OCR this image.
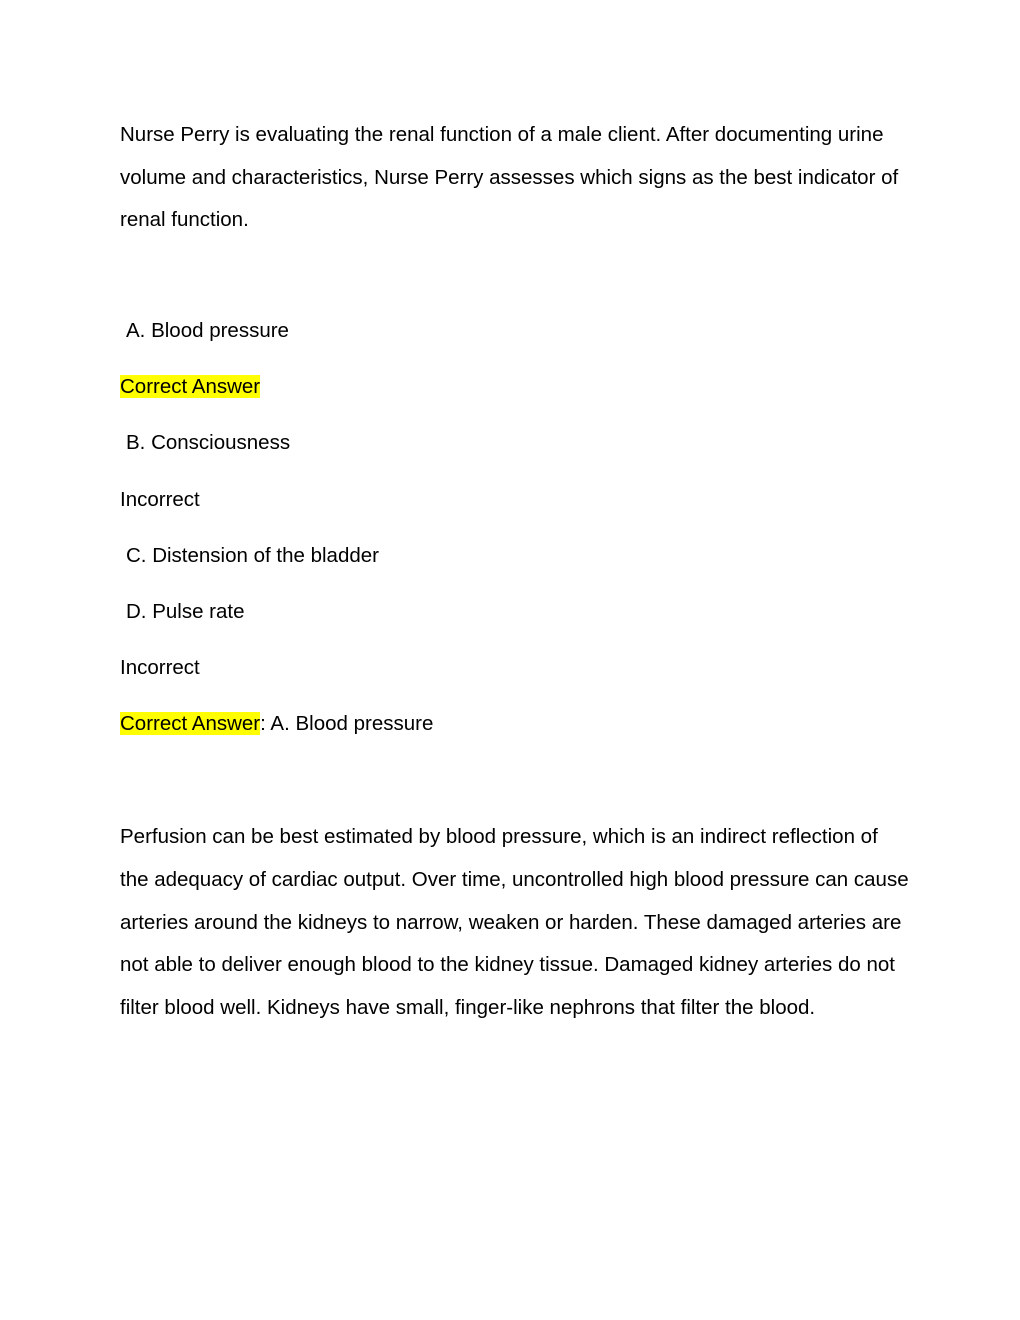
Nurse Perry is evaluating the renal function of a male client. After documenting urine volume and characteristics, Nurse Perry assesses which signs as the best indicator of renal function.

A. Blood pressure

Correct Answer

B. Consciousness

Incorrect

C. Distension of the bladder

D. Pulse rate

Incorrect

Correct Answer: A. Blood pressure

Perfusion can be best estimated by blood pressure, which is an indirect reflection of the adequacy of cardiac output. Over time, uncontrolled high blood pressure can cause arteries around the kidneys to narrow, weaken or harden. These damaged arteries are not able to deliver enough blood to the kidney tissue. Damaged kidney arteries do not filter blood well. Kidneys have small, finger-like nephrons that filter the blood.
